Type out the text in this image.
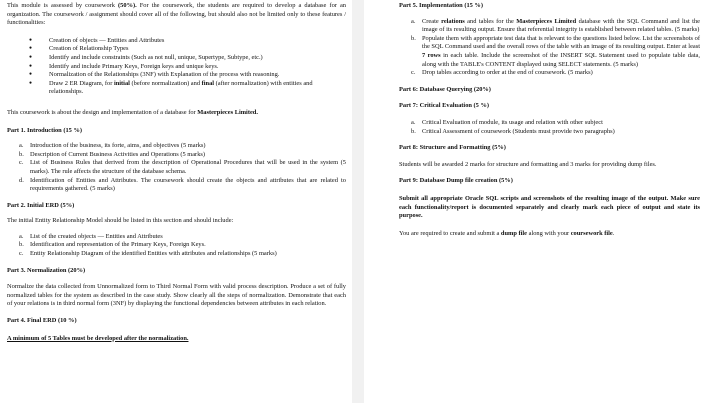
This module is assessed by coursework (50%). For the coursework, the students are required to develop a database for an organization. The coursework / assignment should cover all of the following, but should also not be limited only to these features / functionalities:

● Creation of objects — Entities and Attributes
● Creation of Relationship Types
● Identify and include constraints (Such as not null, unique, Supertype, Subtype, etc.)
● Identify and include Primary Keys, Foreign keys and unique keys.
● Normalization of the Relationships (3NF) with Explanation of the process with reasoning.
● Draw 2 ER Diagram, for initial (before normalization) and final (after normalization) with entities and relationships.

This coursework is about the design and implementation of a database for Masterpieces Limited.

Part 1. Introduction (15 %)

a. Introduction of the business, its forte, aims, and objectives (5 marks)
b. Description of Current Business Activities and Operations (5 marks)
c. List of Business Rules that derived from the description of Operational Procedures that will be used in the system (5 marks). The rule affects the structure of the database schema.
d. Identification of Entities and Attributes. The coursework should create the objects and attributes that are related to requirements gathered. (5 marks)

Part 2. Initial ERD (5%)

The initial Entity Relationship Model should be listed in this section and should include:

a. List of the created objects — Entities and Attributes
b. Identification and representation of the Primary Keys, Foreign Keys.
c. Entity Relationship Diagram of the identified Entities with attributes and relationships (5 marks)

Part 3. Normalization (20%)

Normalize the data collected from Unnormalized form to Third Normal Form with valid process description. Produce a set of fully normalized tables for the system as described in the case study. Show clearly all the steps of normalization. Demonstrate that each of your relations is in third normal form (3NF) by displaying the functional dependencies between attributes in each relation.

Part 4. Final ERD (10 %)

A minimum of 5 Tables must be developed after the normalization.

Part 5. Implementation (15 %)

a. Create relations and tables for the Masterpieces Limited database with the SQL Command and list the image of its resulting output. Ensure that referential integrity is established between related tables. (5 marks)
b. Populate them with appropriate test data that is relevant to the questions listed below. List the screenshots of the SQL Command used and the overall rows of the table with an image of its resulting output. Enter at least 7 rows in each table. Include the screenshot of the INSERT SQL Statement used to populate table data, along with the TABLE's CONTENT displayed using SELECT statements. (5 marks)
c. Drop tables according to order at the end of coursework. (5 marks)

Part 6: Database Querying (20%)

Part 7: Critical Evaluation (5 %)

a. Critical Evaluation of module, its usage and relation with other subject
b. Critical Assessment of coursework (Students must provide two paragraphs)

Part 8: Structure and Formatting (5%)

Students will be awarded 2 marks for structure and formatting and 3 marks for providing dump files.

Part 9: Database Dump file creation (5%)

Submit all appropriate Oracle SQL scripts and screenshots of the resulting image of the output. Make sure each functionality/report is documented separately and clearly mark each piece of output and state its purpose.

You are required to create and submit a dump file along with your coursework file.
